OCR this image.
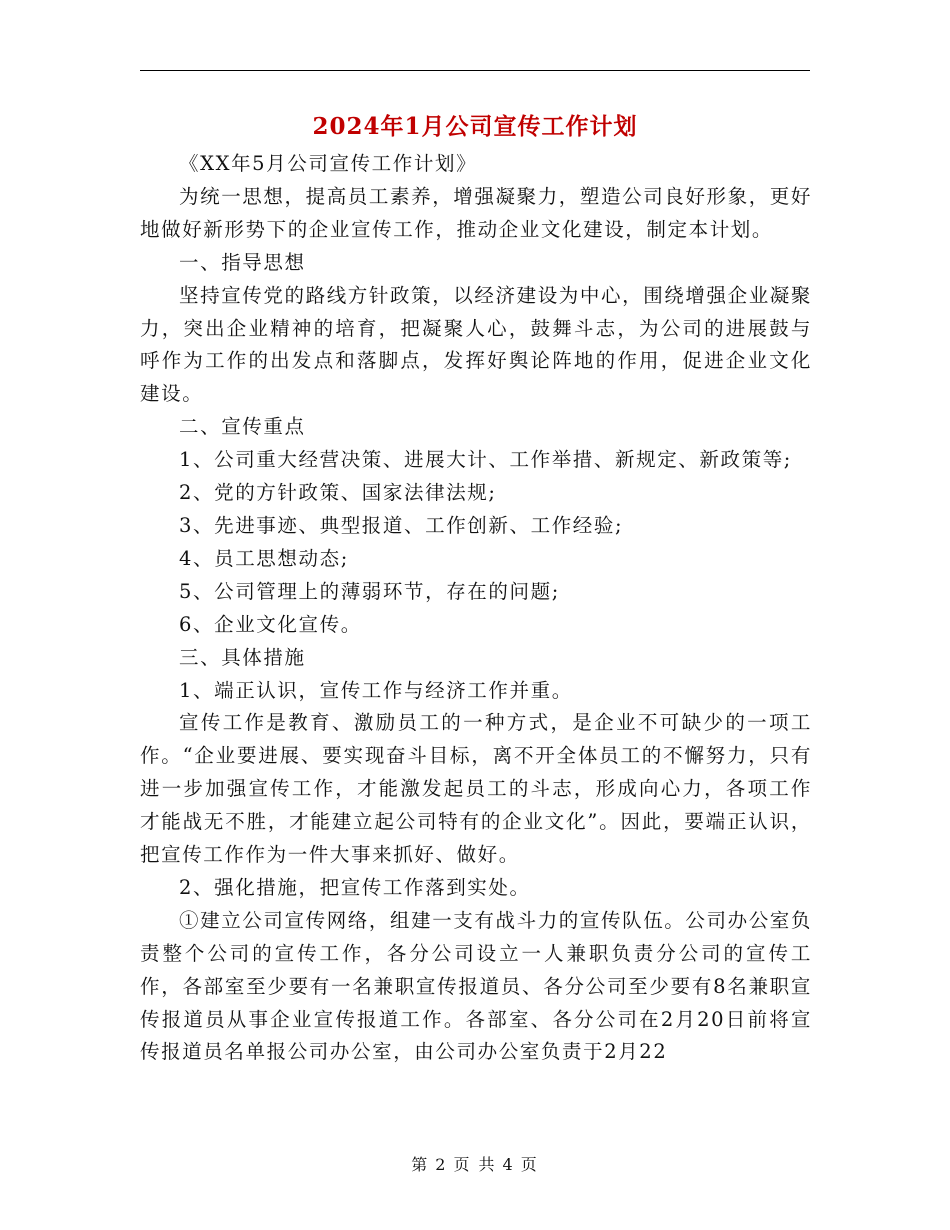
2024年1月公司宣传工作计划

《XX年5月公司宣传工作计划》

为统一思想，提高员工素养，增强凝聚力，塑造公司良好形象，更好地做好新形势下的企业宣传工作，推动企业文化建设，制定本计划。

一、指导思想

坚持宣传党的路线方针政策，以经济建设为中心，围绕增强企业凝聚力，突出企业精神的培育，把凝聚人心，鼓舞斗志，为公司的进展鼓与呼作为工作的出发点和落脚点，发挥好舆论阵地的作用，促进企业文化建设。

二、宣传重点

1、公司重大经营决策、进展大计、工作举措、新规定、新政策等;

2、党的方针政策、国家法律法规;

3、先进事迹、典型报道、工作创新、工作经验;

4、员工思想动态;

5、公司管理上的薄弱环节，存在的问题;

6、企业文化宣传。

三、具体措施

1、端正认识，宣传工作与经济工作并重。

宣传工作是教育、激励员工的一种方式，是企业不可缺少的一项工作。“企业要进展、要实现奋斗目标，离不开全体员工的不懈努力，只有进一步加强宣传工作，才能激发起员工的斗志，形成向心力，各项工作才能战无不胜，才能建立起公司特有的企业文化”。因此，要端正认识，把宣传工作作为一件大事来抓好、做好。

2、强化措施，把宣传工作落到实处。

①建立公司宣传网络，组建一支有战斗力的宣传队伍。公司办公室负责整个公司的宣传工作，各分公司设立一人兼职负责分公司的宣传工作，各部室至少要有一名兼职宣传报道员、各分公司至少要有8名兼职宣传报道员从事企业宣传报道工作。各部室、各分公司在2月20日前将宣传报道员名单报公司办公室，由公司办公室负责于2月22

第 2 页 共 4 页
